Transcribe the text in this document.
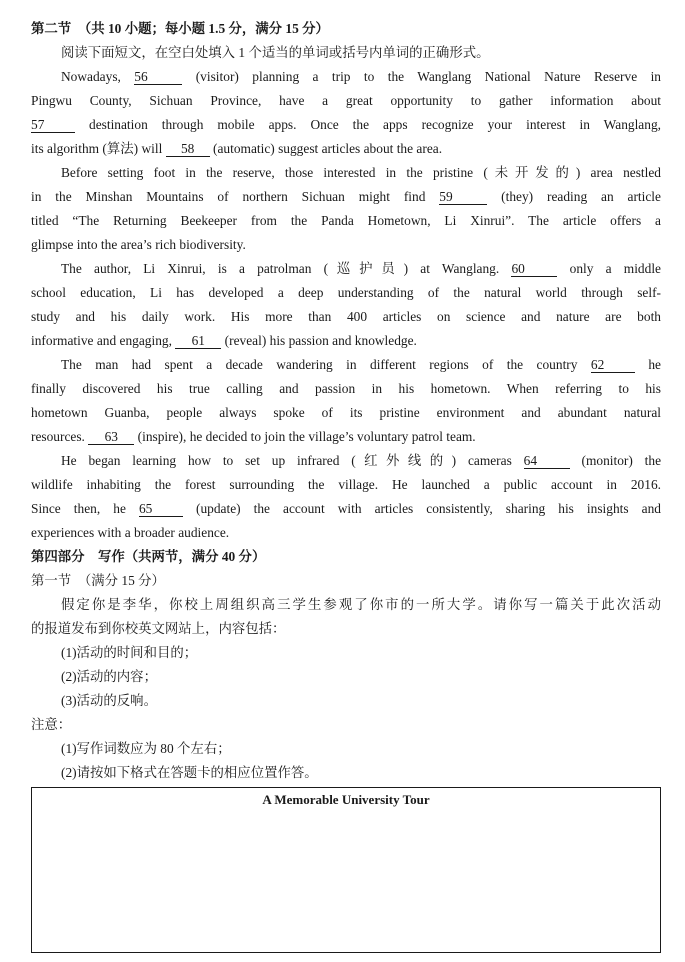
第二节　（共 10 小题；每小题 1.5 分，满分 15 分）
阅读下面短文，在空白处填入 1 个适当的单词或括号内单词的正确形式。
Nowadays, 56	(visitor) planning a trip to the Wanglang National Nature Reserve in
Pingwu County, Sichuan Province, have a great opportunity to gather information about
57	destination through mobile apps. Once the apps recognize your interest in Wanglang,
its algorithm (算法) will 58 (automatic) suggest articles about the area.
Before setting foot in the reserve, those interested in the pristine (未开发的) area nestled
in the Minshan Mountains of northern Sichuan might find 59	(they) reading an article
titled “The Returning Beekeeper from the Panda Hometown, Li Xinrui”. The article offers a
glimpse into the area’s rich biodiversity.
The author, Li Xinrui, is a patrolman (巡护员) at Wanglang. 60	only a middle
school education, Li has developed a deep understanding of the natural world through self-
study and his daily work. His more than 400 articles on science and nature are both
informative and engaging, 61 (reveal) his passion and knowledge.
The man had spent a decade wandering in different regions of the country 62	he
finally discovered his true calling and passion in his hometown. When referring to his
hometown Guanba, people always spoke of its pristine environment and abundant natural
resources. 63 (inspire), he decided to join the village’s voluntary patrol team.
He began learning how to set up infrared (红外线的) cameras 64	(monitor) the
wildlife inhabiting the forest surrounding the village. He launched a public account in 2016.
Since then, he 65	(update) the account with articles consistently, sharing his insights and
experiences with a broader audience.
第四部分　写作（共两节，满分 40 分）
第一节　（满分 15 分）
假定你是李华，你校上周组织高三学生参观了你市的一所大学。请你写一篇关于此次活动
的报道发布到你校英文网站上，内容包括：
(1)活动的时间和目的；
(2)活动的内容；
(3)活动的反响。
注意：
(1)写作词数应为 80 个左右；
(2)请按如下格式在答题卡的相应位置作答。
A Memorable University Tour
